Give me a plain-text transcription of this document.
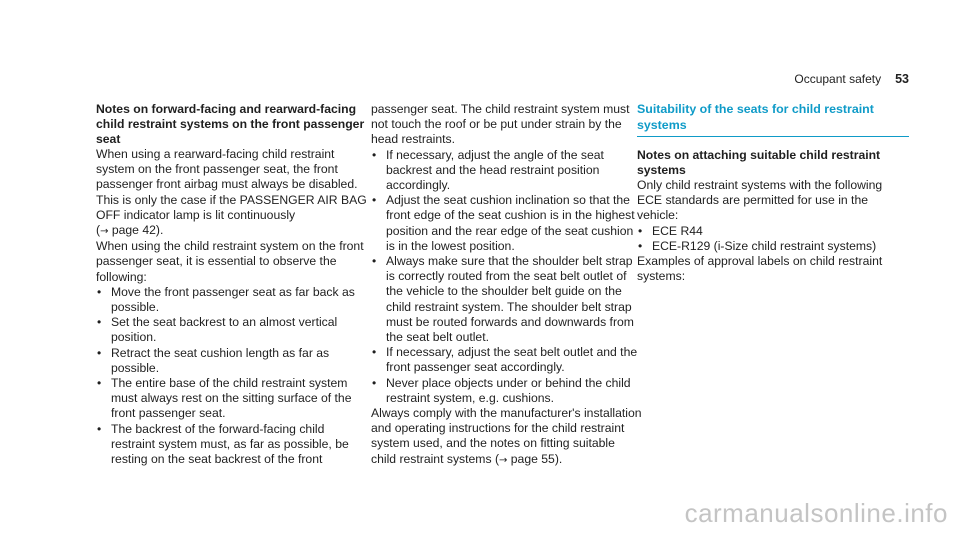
Occupant safety 53
Notes on forward-facing and rearward-facing child restraint systems on the front passenger seat

When using a rearward-facing child restraint system on the front passenger seat, the front passenger front airbag must always be disabled. This is only the case if the PASSENGER AIR BAG OFF indicator lamp is lit continuously
(→ page 42).

When using the child restraint system on the front passenger seat, it is essential to observe the following:

• Move the front passenger seat as far back as possible.
• Set the seat backrest to an almost vertical position.
• Retract the seat cushion length as far as possible.
• The entire base of the child restraint system must always rest on the sitting surface of the front passenger seat.
• The backrest of the forward-facing child restraint system must, as far as possible, be resting on the seat backrest of the front

passenger seat. The child restraint system must not touch the roof or be put under strain by the head restraints.

• If necessary, adjust the angle of the seat backrest and the head restraint position accordingly.
• Adjust the seat cushion inclination so that the front edge of the seat cushion is in the highest position and the rear edge of the seat cushion is in the lowest position.
• Always make sure that the shoulder belt strap is correctly routed from the seat belt outlet of the vehicle to the shoulder belt guide on the child restraint system. The shoulder belt strap must be routed forwards and downwards from the seat belt outlet.
• If necessary, adjust the seat belt outlet and the front passenger seat accordingly.
• Never place objects under or behind the child restraint system, e.g. cushions.

Always comply with the manufacturer's installation and operating instructions for the child restraint system used, and the notes on fitting suitable child restraint systems (→ page 55).

Suitability of the seats for child restraint systems
Notes on attaching suitable child restraint systems

Only child restraint systems with the following ECE standards are permitted for use in the vehicle:

• ECE R44
• ECE-R129 (i-Size child restraint systems)

Examples of approval labels on child restraint systems:

carmanualsonline.info
